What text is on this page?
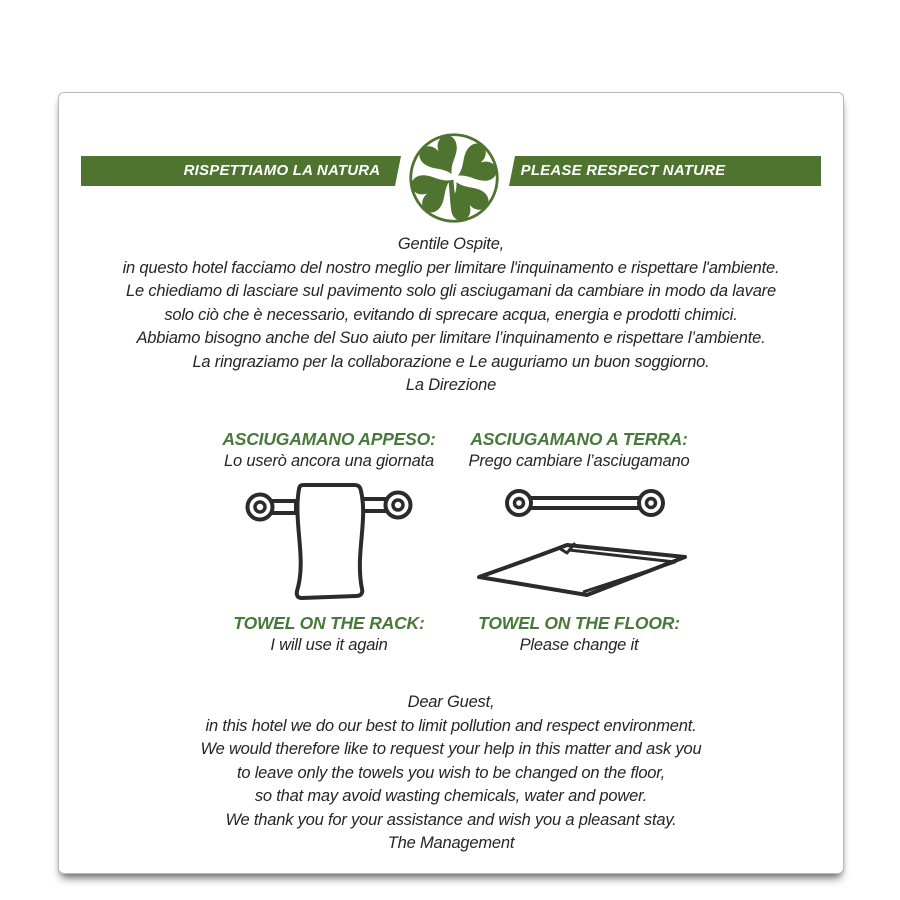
RISPETTIAMO LA NATURA	PLEASE RESPECT NATURE
Gentile Ospite,
in questo hotel facciamo del nostro meglio per limitare l'inquinamento e rispettare l'ambiente.
Le chiediamo di lasciare sul pavimento solo gli asciugamani da cambiare in modo da lavare
solo ciò che è necessario, evitando di sprecare acqua, energia e prodotti chimici.
Abbiamo bisogno anche del Suo aiuto per limitare l’inquinamento e rispettare l’ambiente.
La ringraziamo per la collaborazione e Le auguriamo un buon soggiorno.
La Direzione
ASCIUGAMANO APPESO:
Lo userò ancora una giornata
ASCIUGAMANO A TERRA:
Prego cambiare l’asciugamano
TOWEL ON THE RACK:
I will use it again
TOWEL ON THE FLOOR:
Please change it
Dear Guest,
in this hotel we do our best to limit pollution and respect environment.
We would therefore like to request your help in this matter and ask you
to leave only the towels you wish to be changed on the floor,
so that may avoid wasting chemicals, water and power.
We thank you for your assistance and wish you a pleasant stay.
The Management
